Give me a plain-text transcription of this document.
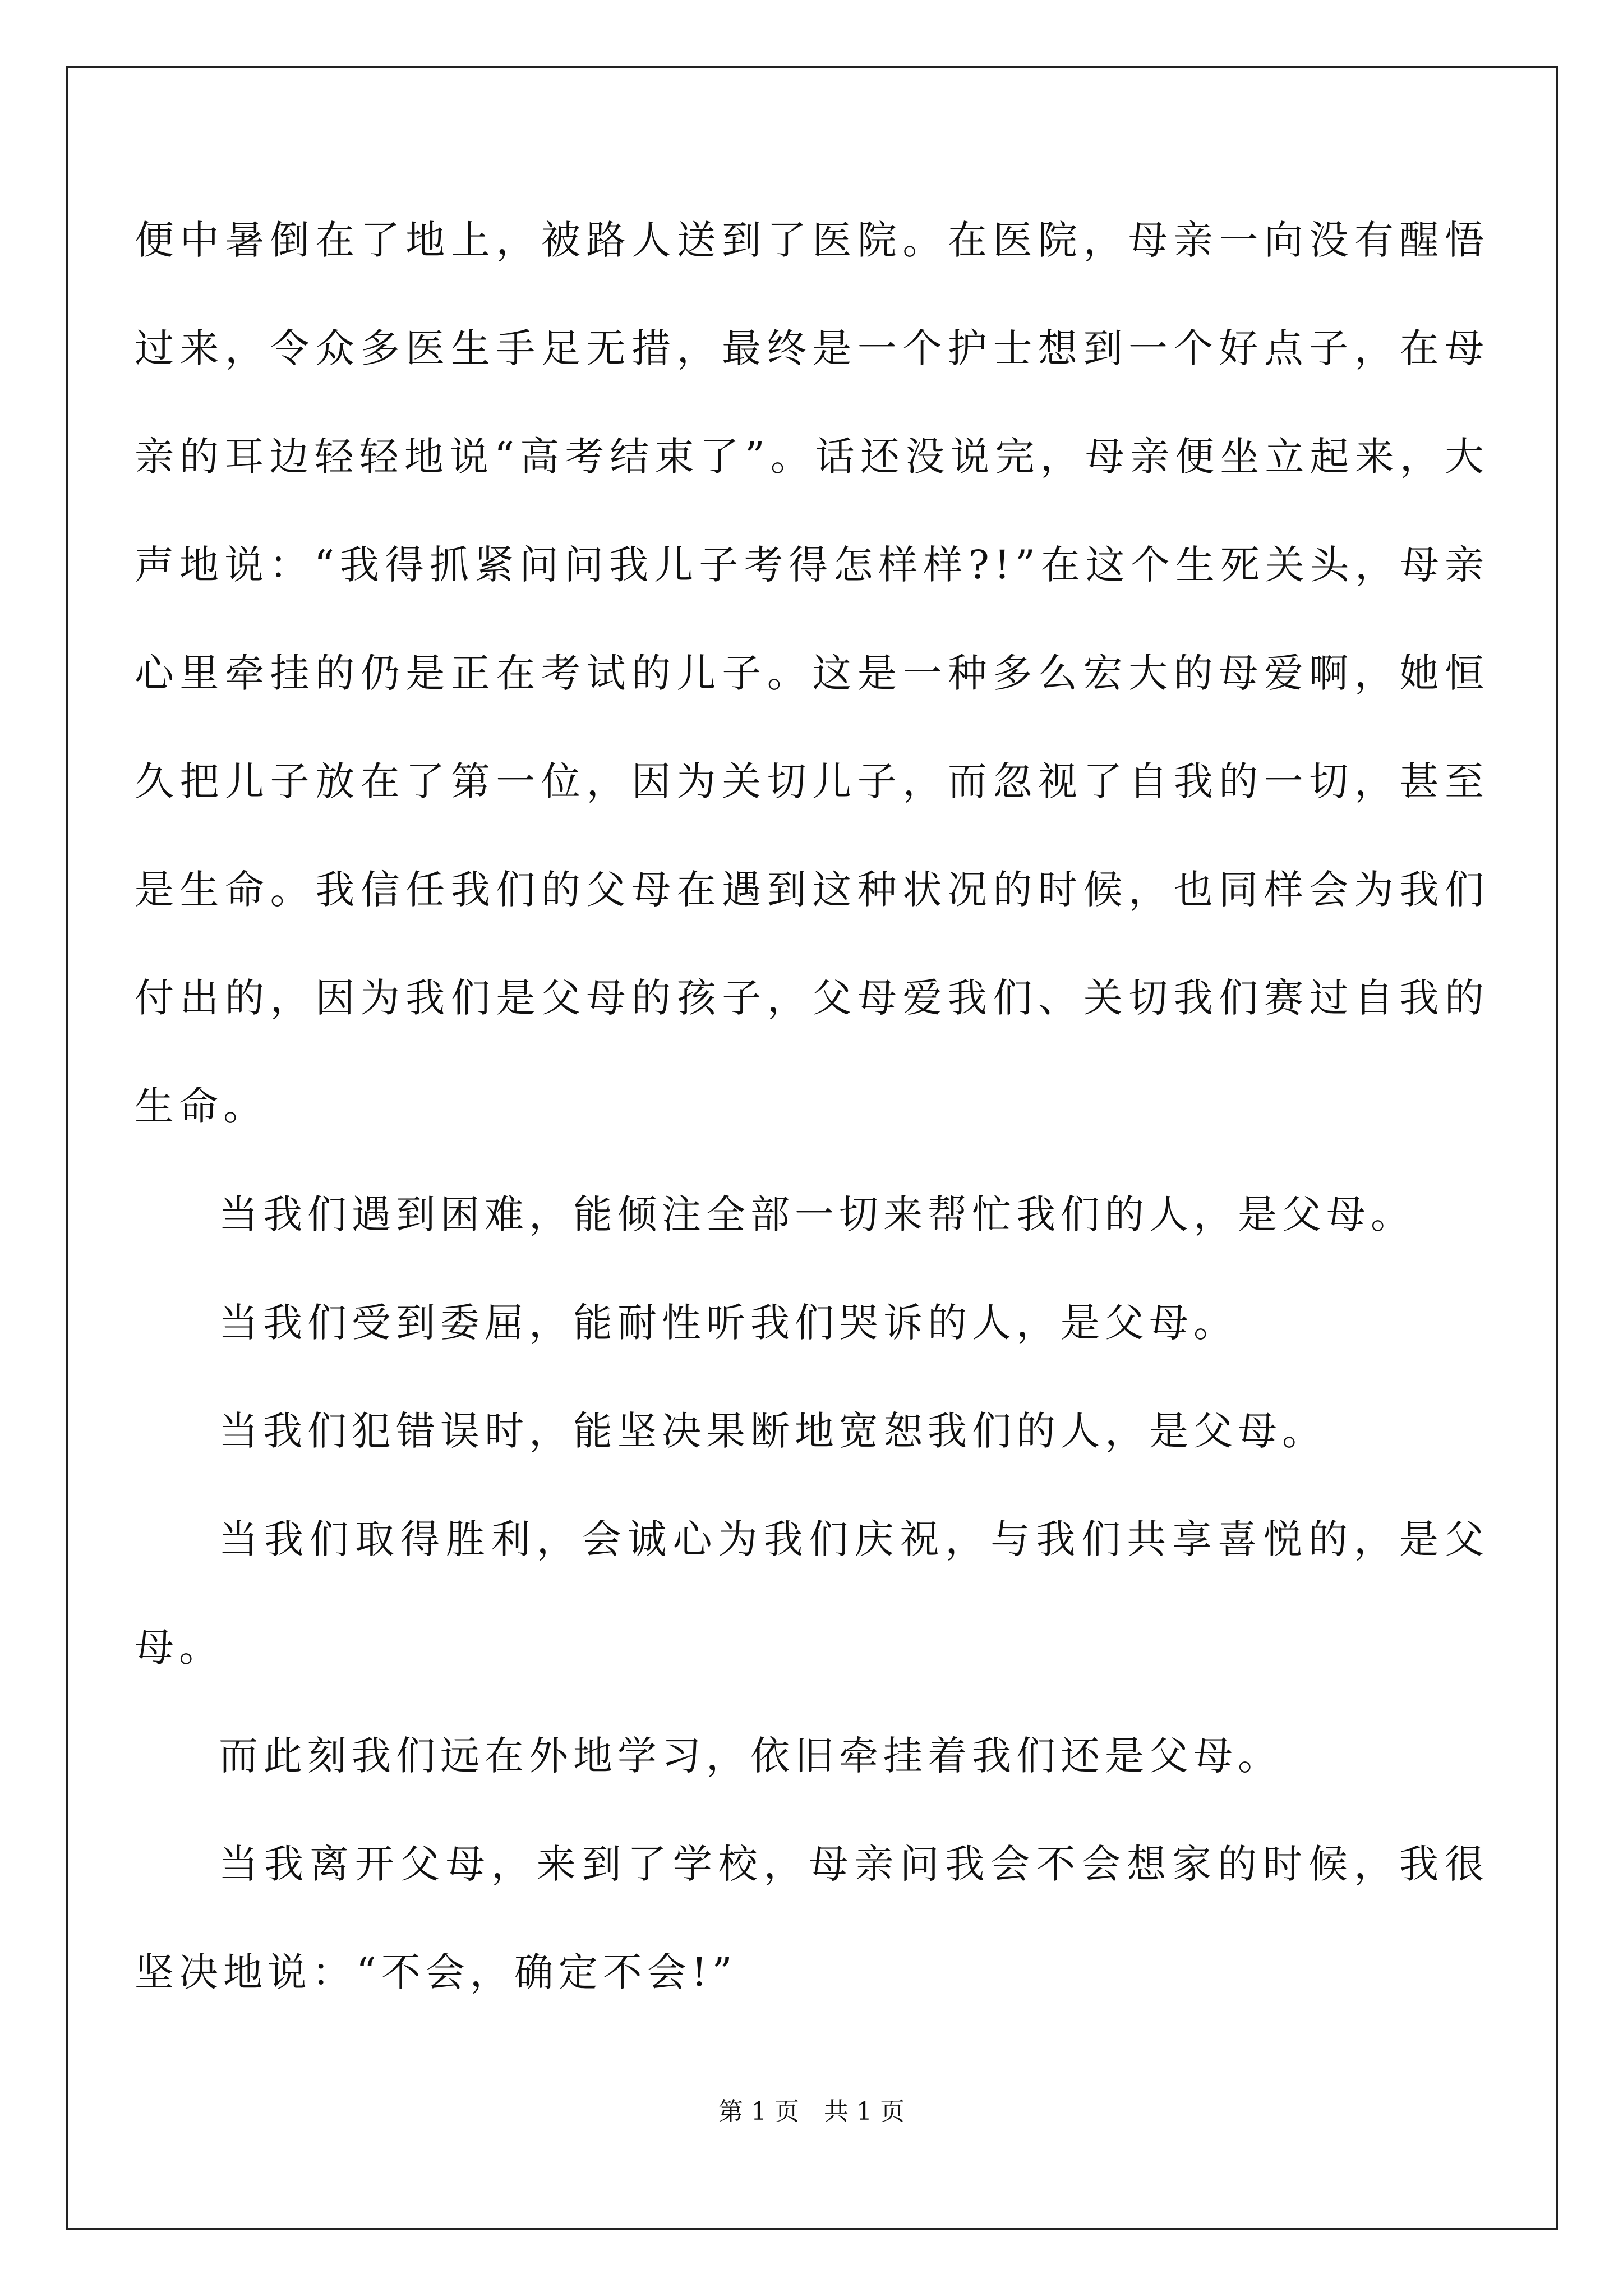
便中暑倒在了地上，被路人送到了医院。在医院，母亲一向没有醒悟过来，令众多医生手足无措，最终是一个护士想到一个好点子，在母亲的耳边轻轻地说“高考结束了”。话还没说完，母亲便坐立起来，大声地说：“我得抓紧问问我儿子考得怎样样?!”在这个生死关头，母亲心里牵挂的仍是正在考试的儿子。这是一种多么宏大的母爱啊，她恒久把儿子放在了第一位，因为关切儿子，而忽视了自我的一切，甚至是生命。我信任我们的父母在遇到这种状况的时候，也同样会为我们付出的，因为我们是父母的孩子，父母爱我们、关切我们赛过自我的生命。

当我们遇到困难，能倾注全部一切来帮忙我们的人，是父母。

当我们受到委屈，能耐性听我们哭诉的人，是父母。

当我们犯错误时，能坚决果断地宽恕我们的人，是父母。

当我们取得胜利，会诚心为我们庆祝，与我们共享喜悦的，是父母。

而此刻我们远在外地学习，依旧牵挂着我们还是父母。

当我离开父母，来到了学校，母亲问我会不会想家的时候，我很坚决地说：“不会，确定不会!”

第 1 页　共 1 页
